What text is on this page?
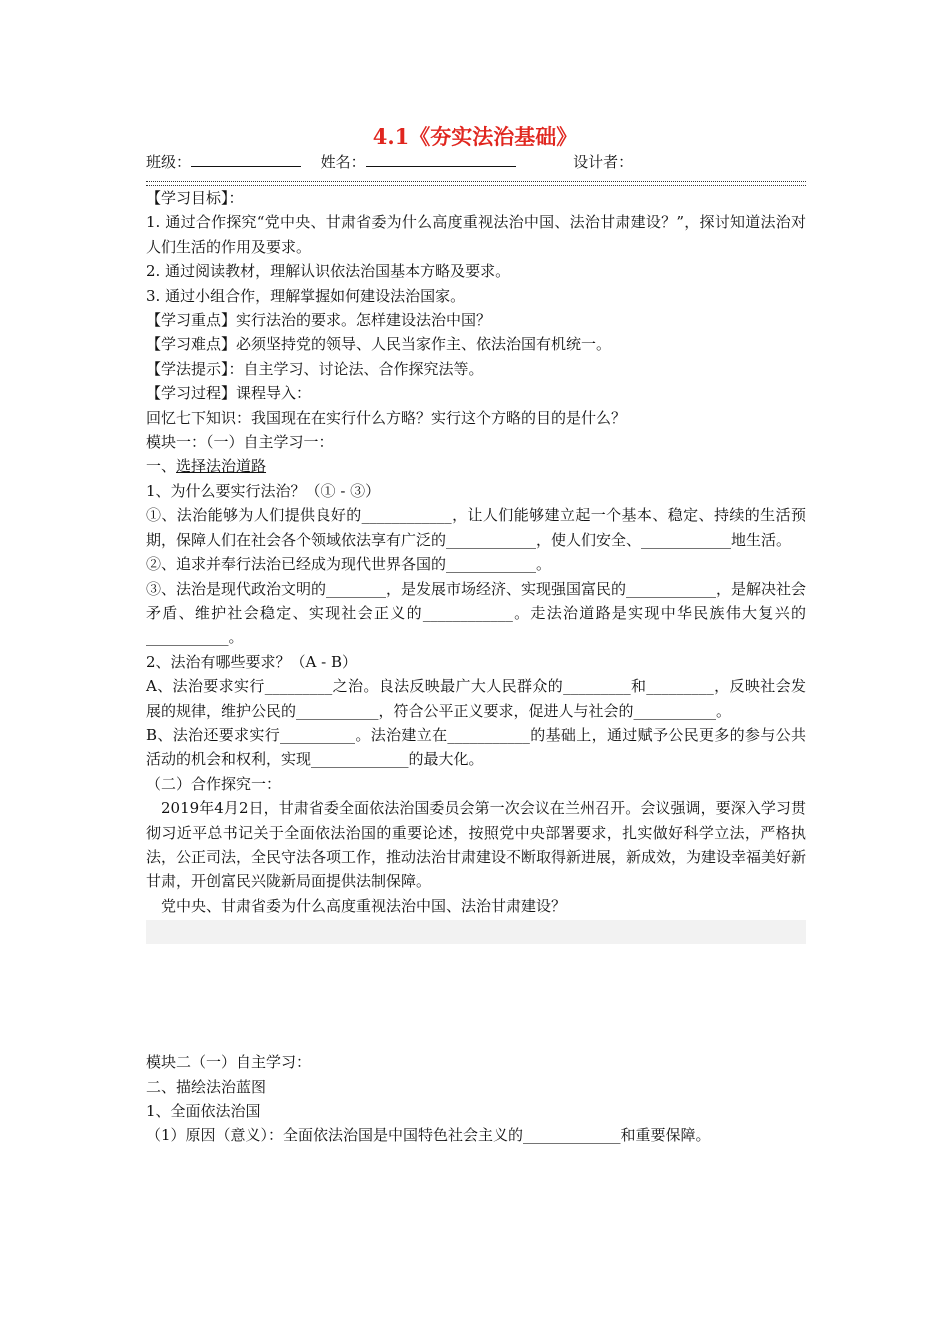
4.1《夯实法治基础》
班级：	姓名：	设计者：

【学习目标】：

1. 通过合作探究“党中央、甘肃省委为什么高度重视法治中国、法治甘肃建设？”，探讨知道法治对人们生活的作用及要求。

2. 通过阅读教材，理解认识依法治国基本方略及要求。

3. 通过小组合作，理解掌握如何建设法治国家。

【学习重点】实行法治的要求。怎样建设法治中国？

【学习难点】必须坚持党的领导、人民当家作主、依法治国有机统一。

【学法提示】：自主学习、讨论法、合作探究法等。

【学习过程】课程导入：

回忆七下知识：我国现在在实行什么方略？实行这个方略的目的是什么？

模块一：（一）自主学习一：

一、选择法治道路

1、为什么要实行法治？（① - ③）

①、法治能够为人们提供良好的____________，让人们能够建立起一个基本、稳定、持续的生活预期，保障人们在社会各个领域依法享有广泛的____________，使人们安全、____________地生活。

②、追求并奉行法治已经成为现代世界各国的____________。

③、法治是现代政治文明的________，是发展市场经济、实现强国富民的____________，是解决社会矛盾、维护社会稳定、实现社会正义的____________。走法治道路是实现中华民族伟大复兴的___________。

2、法治有哪些要求？（A - B）

A、法治要求实行_________之治。良法反映最广大人民群众的_________和_________，反映社会发展的规律，维护公民的___________，符合公平正义要求，促进人与社会的___________。

B、法治还要求实行__________。法治建立在___________的基础上，通过赋予公民更多的参与公共活动的机会和权利，实现_____________的最大化。

（二）合作探究一：

2019年4月2日，甘肃省委全面依法治国委员会第一次会议在兰州召开。会议强调，要深入学习贯彻习近平总书记关于全面依法治国的重要论述，按照党中央部署要求，扎实做好科学立法，严格执法，公正司法，全民守法各项工作，推动法治甘肃建设不断取得新进展，新成效，为建设幸福美好新甘肃，开创富民兴陇新局面提供法制保障。

党中央、甘肃省委为什么高度重视法治中国、法治甘肃建设？

模块二（一）自主学习：

二、描绘法治蓝图

1、全面依法治国

（1）原因（意义）：全面依法治国是中国特色社会主义的_____________和重要保障。
